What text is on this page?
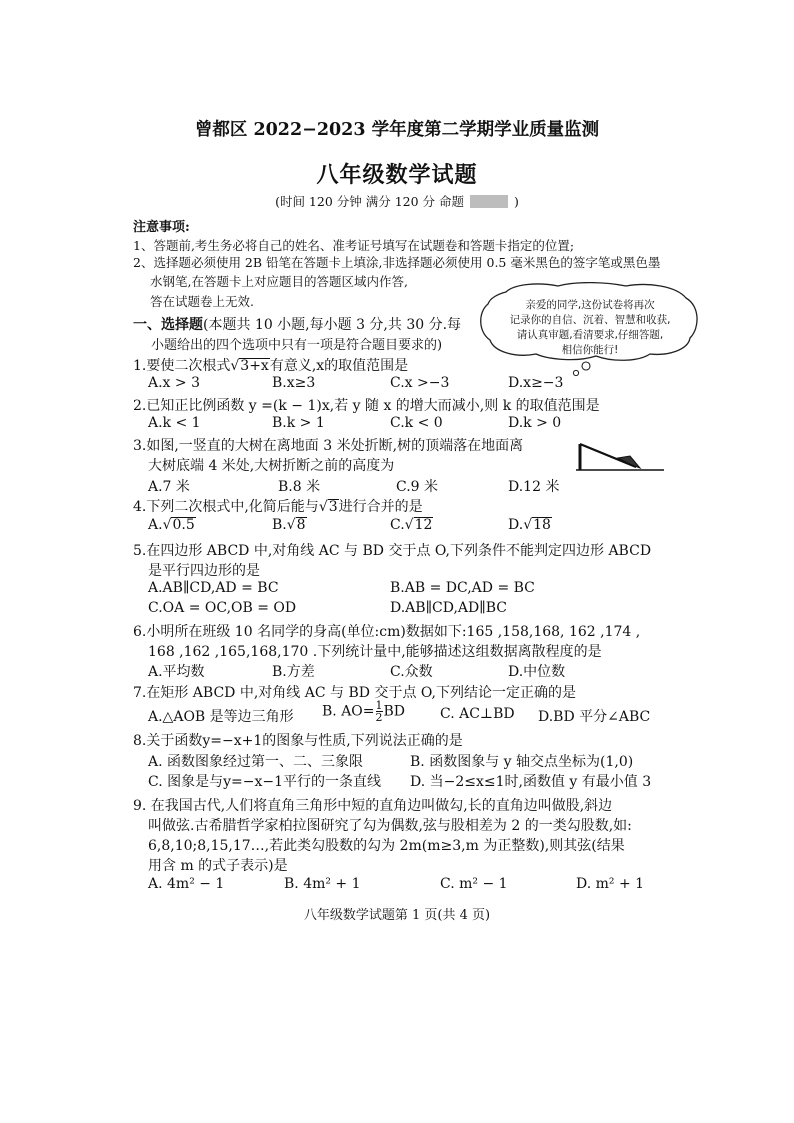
曾都区 2022−2023 学年度第二学期学业质量监测
八年级数学试题
(时间 120 分钟 满分 120 分 命题	)
注意事项:
1、答题前,考生务必将自己的姓名、准考证号填写在试题卷和答题卡指定的位置;
2、选择题必须使用 2B 铅笔在答题卡上填涂,非选择题必须使用 0.5 毫米黑色的签字笔或黑色墨
水钢笔,在答题卡上对应题目的答题区域内作答,
答在试题卷上无效.	亲爱的同学,这份试卷将再次
记录你的自信、沉着、智慧和收获,
请认真审题,看清要求,仔细答题,
相信你能行!
一、选择题(本题共 10 小题,每小题 3 分,共 30 分.每
小题给出的四个选项中只有一项是符合题目要求的)
1.要使二次根式√3+x有意义,x的取值范围是
A.x > 3	B.x≥3	C.x >−3	D.x≥−3
2.已知正比例函数 y =(k − 1)x,若 y 随 x 的增大而减小,则 k 的取值范围是
A.k < 1	B.k > 1	C.k < 0	D.k > 0
3.如图,一竖直的大树在离地面 3 米处折断,树的顶端落在地面离
大树底端 4 米处,大树折断之前的高度为
A.7 米	B.8 米	C.9 米	D.12 米
4.下列二次根式中,化简后能与√3进行合并的是
A.√0.5	B.√8	C.√12	D.√18
5.在四边形 ABCD 中,对角线 AC 与 BD 交于点 O,下列条件不能判定四边形 ABCD
是平行四边形的是
A.AB∥CD,AD = BC	B.AB = DC,AD = BC
C.OA = OC,OB = OD	D.AB∥CD,AD∥BC
6.小明所在班级 10 名同学的身高(单位:cm)数据如下:165 ,158,168, 162 ,174 ,
168 ,162 ,165,168,170 .下列统计量中,能够描述这组数据离散程度的是
A.平均数	B.方差	C.众数	D.中位数
7.在矩形 ABCD 中,对角线 AC 与 BD 交于点 O,下列结论一定正确的是
A.△AOB 是等边三角形 B. $AO= \frac{1}{2}$ BD C. AC⊥BD D.BD 平分∠ABC
8.关于函数y=−x+1的图象与性质,下列说法正确的是
A. 函数图象经过第一、二、三象限	B. 函数图象与 y 轴交点坐标为(1,0)
C. 图象是与y=−x−1平行的一条直线 D. 当−2≤x≤1时,函数值 y 有最小值 3
9. 在我国古代,人们将直角三角形中短的直角边叫做勾,长的直角边叫做股,斜边
叫做弦.古希腊哲学家柏拉图研究了勾为偶数,弦与股相差为 2 的一类勾股数,如:
6,8,10;8,15,17…,若此类勾股数的勾为 2m(m≥3,m 为正整数),则其弦(结果
用含 m 的式子表示)是
A. 4m² − 1	B. 4m² + 1	C. m² − 1	D. m² + 1
八年级数学试题第 1 页(共 4 页)
